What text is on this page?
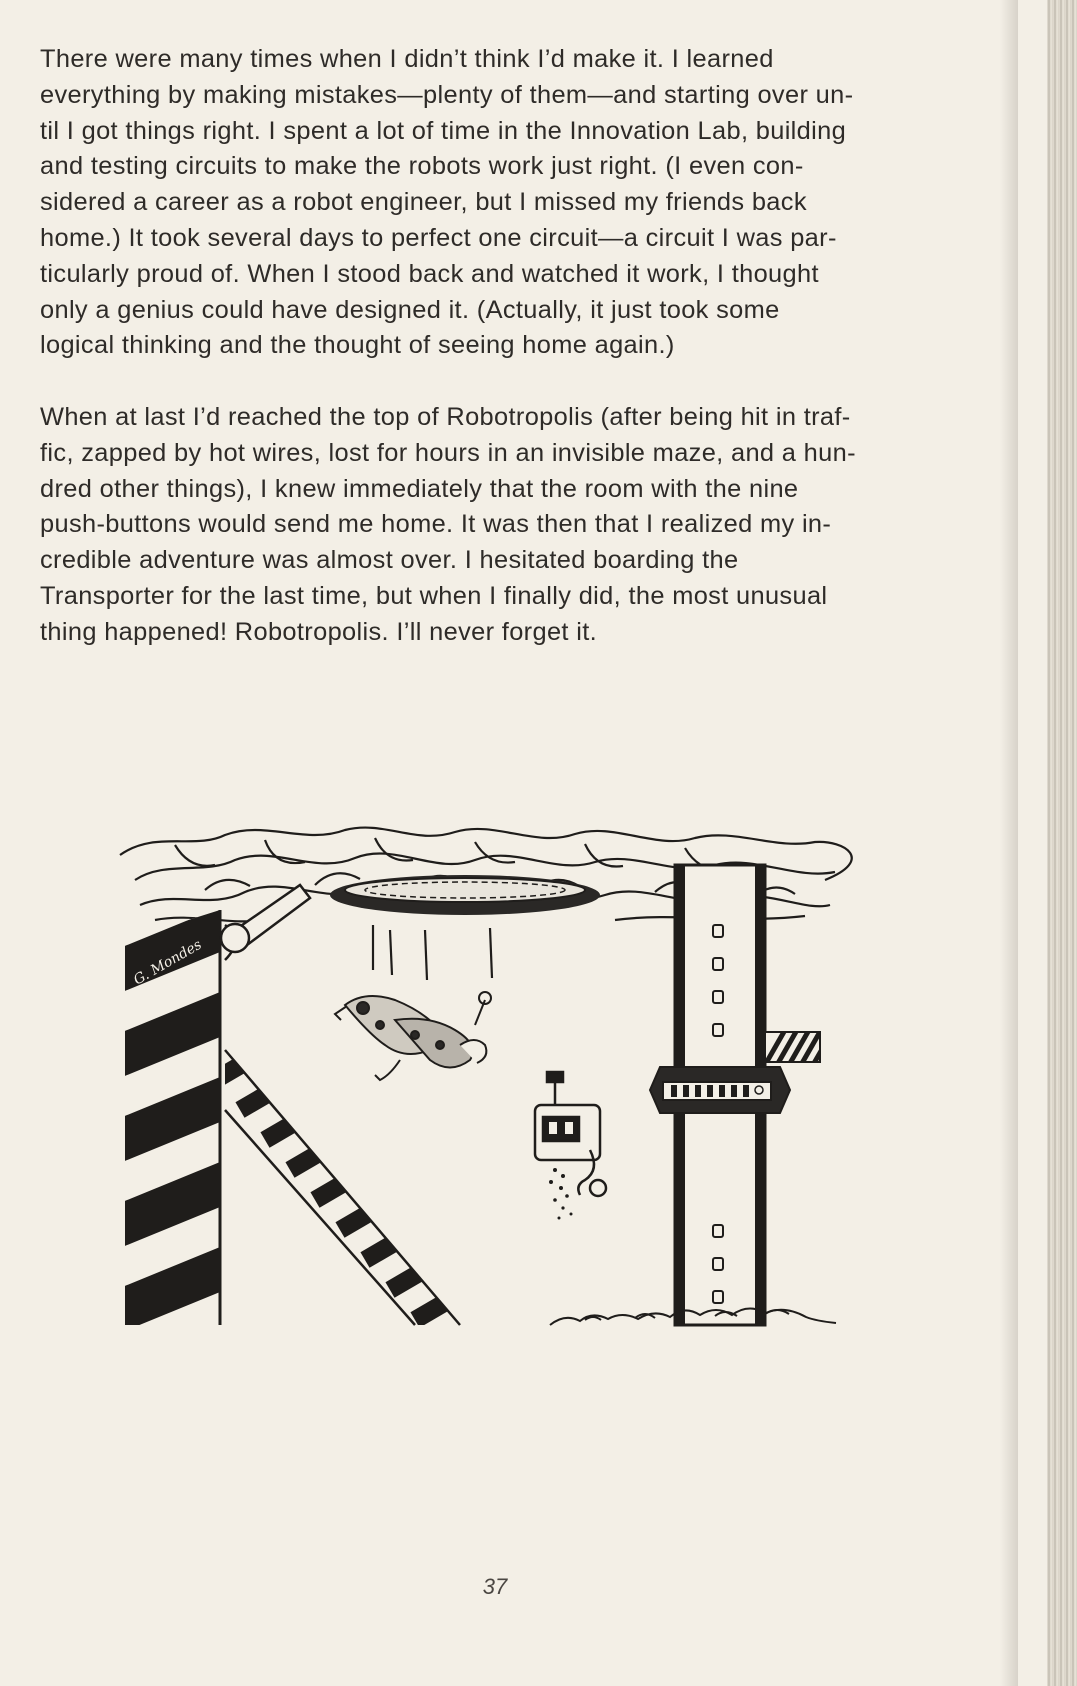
There were many times when I didn’t think I’d make it. I learned
everything by making mistakes—plenty of them—and starting over un-
til I got things right. I spent a lot of time in the Innovation Lab, building
and testing circuits to make the robots work just right. (I even con-
sidered a career as a robot engineer, but I missed my friends back
home.) It took several days to perfect one circuit—a circuit I was par-
ticularly proud of. When I stood back and watched it work, I thought
only a genius could have designed it. (Actually, it just took some
logical thinking and the thought of seeing home again.)

When at last I’d reached the top of Robotropolis (after being hit in traf-
fic, zapped by hot wires, lost for hours in an invisible maze, and a hun-
dred other things), I knew immediately that the room with the nine
push-buttons would send me home. It was then that I realized my in-
credible adventure was almost over. I hesitated boarding the
Transporter for the last time, but when I finally did, the most unusual
thing happened! Robotropolis. I’ll never forget it.

G. Mondes
37
